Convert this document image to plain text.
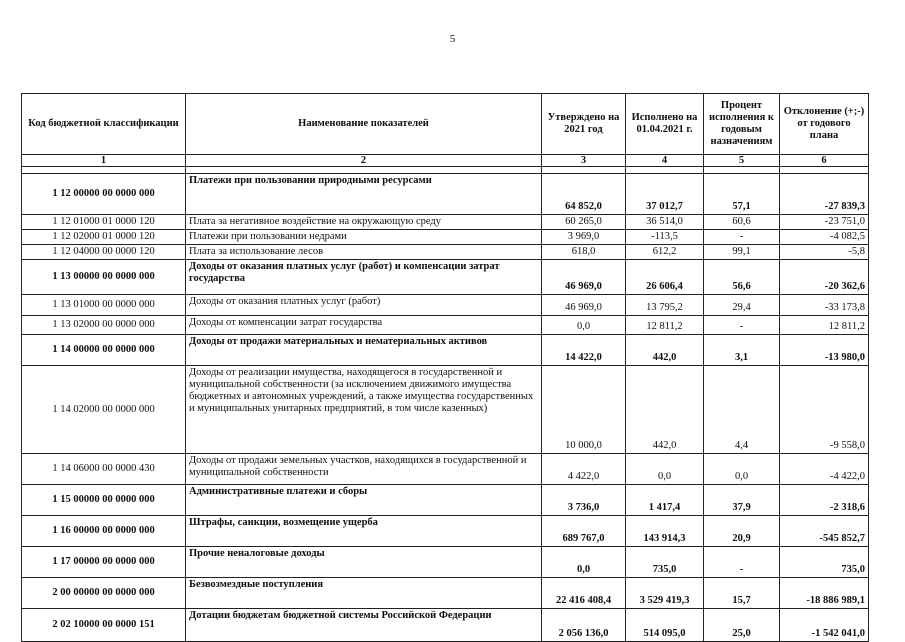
5
Код бюджетной классификации	Наименование показателей	Утверждено на 2021 год	Исполнено на 01.04.2021 г.	Процент исполнения к годовым назначениям	Отклонение (+;-) от годового плана
1	2	3	4	5	6

1 12 00000 00 0000 000	Платежи при пользовании природными ресурсами	64 852,0	37 012,7	57,1	-27 839,3
1 12 01000 01 0000 120	Плата за негативное воздействие на окружающую среду	60 265,0	36 514,0	60,6	-23 751,0
1 12 02000 01 0000 120	Платежи при пользовании недрами	3 969,0	-113,5	-	-4 082,5
1 12 04000 00 0000 120	Плата за использование лесов	618,0	612,2	99,1	-5,8
1 13 00000 00 0000 000	Доходы от оказания платных услуг (работ) и компенсации затрат государства	46 969,0	26 606,4	56,6	-20 362,6
1 13 01000 00 0000 000	Доходы от оказания платных услуг (работ)	46 969,0	13 795,2	29,4	-33 173,8
1 13 02000 00 0000 000	Доходы от компенсации затрат государства	0,0	12 811,2	-	12 811,2
1 14 00000 00 0000 000	Доходы от продажи материальных и нематериальных активов	14 422,0	442,0	3,1	-13 980,0
1 14 02000 00 0000 000	Доходы от реализации имущества, находящегося в государственной и муниципальной собственности (за исключением движимого имущества бюджетных и автономных учреждений, а также имущества государственных и муниципальных унитарных предприятий, в том числе казенных)	10 000,0	442,0	4,4	-9 558,0
1 14 06000 00 0000 430	Доходы от продажи земельных участков, находящихся в государственной и муниципальной собственности	4 422,0	0,0	0,0	-4 422,0
1 15 00000 00 0000 000	Административные платежи и сборы	3 736,0	1 417,4	37,9	-2 318,6
1 16 00000 00 0000 000	Штрафы, санкции, возмещение ущерба	689 767,0	143 914,3	20,9	-545 852,7
1 17 00000 00 0000 000	Прочие неналоговые доходы	0,0	735,0	-	735,0
2 00 00000 00 0000 000	Безвозмездные поступления	22 416 408,4	3 529 419,3	15,7	-18 886 989,1
2 02 10000 00 0000 151	Дотации бюджетам бюджетной системы Российской Федерации	2 056 136,0	514 095,0	25,0	-1 542 041,0
